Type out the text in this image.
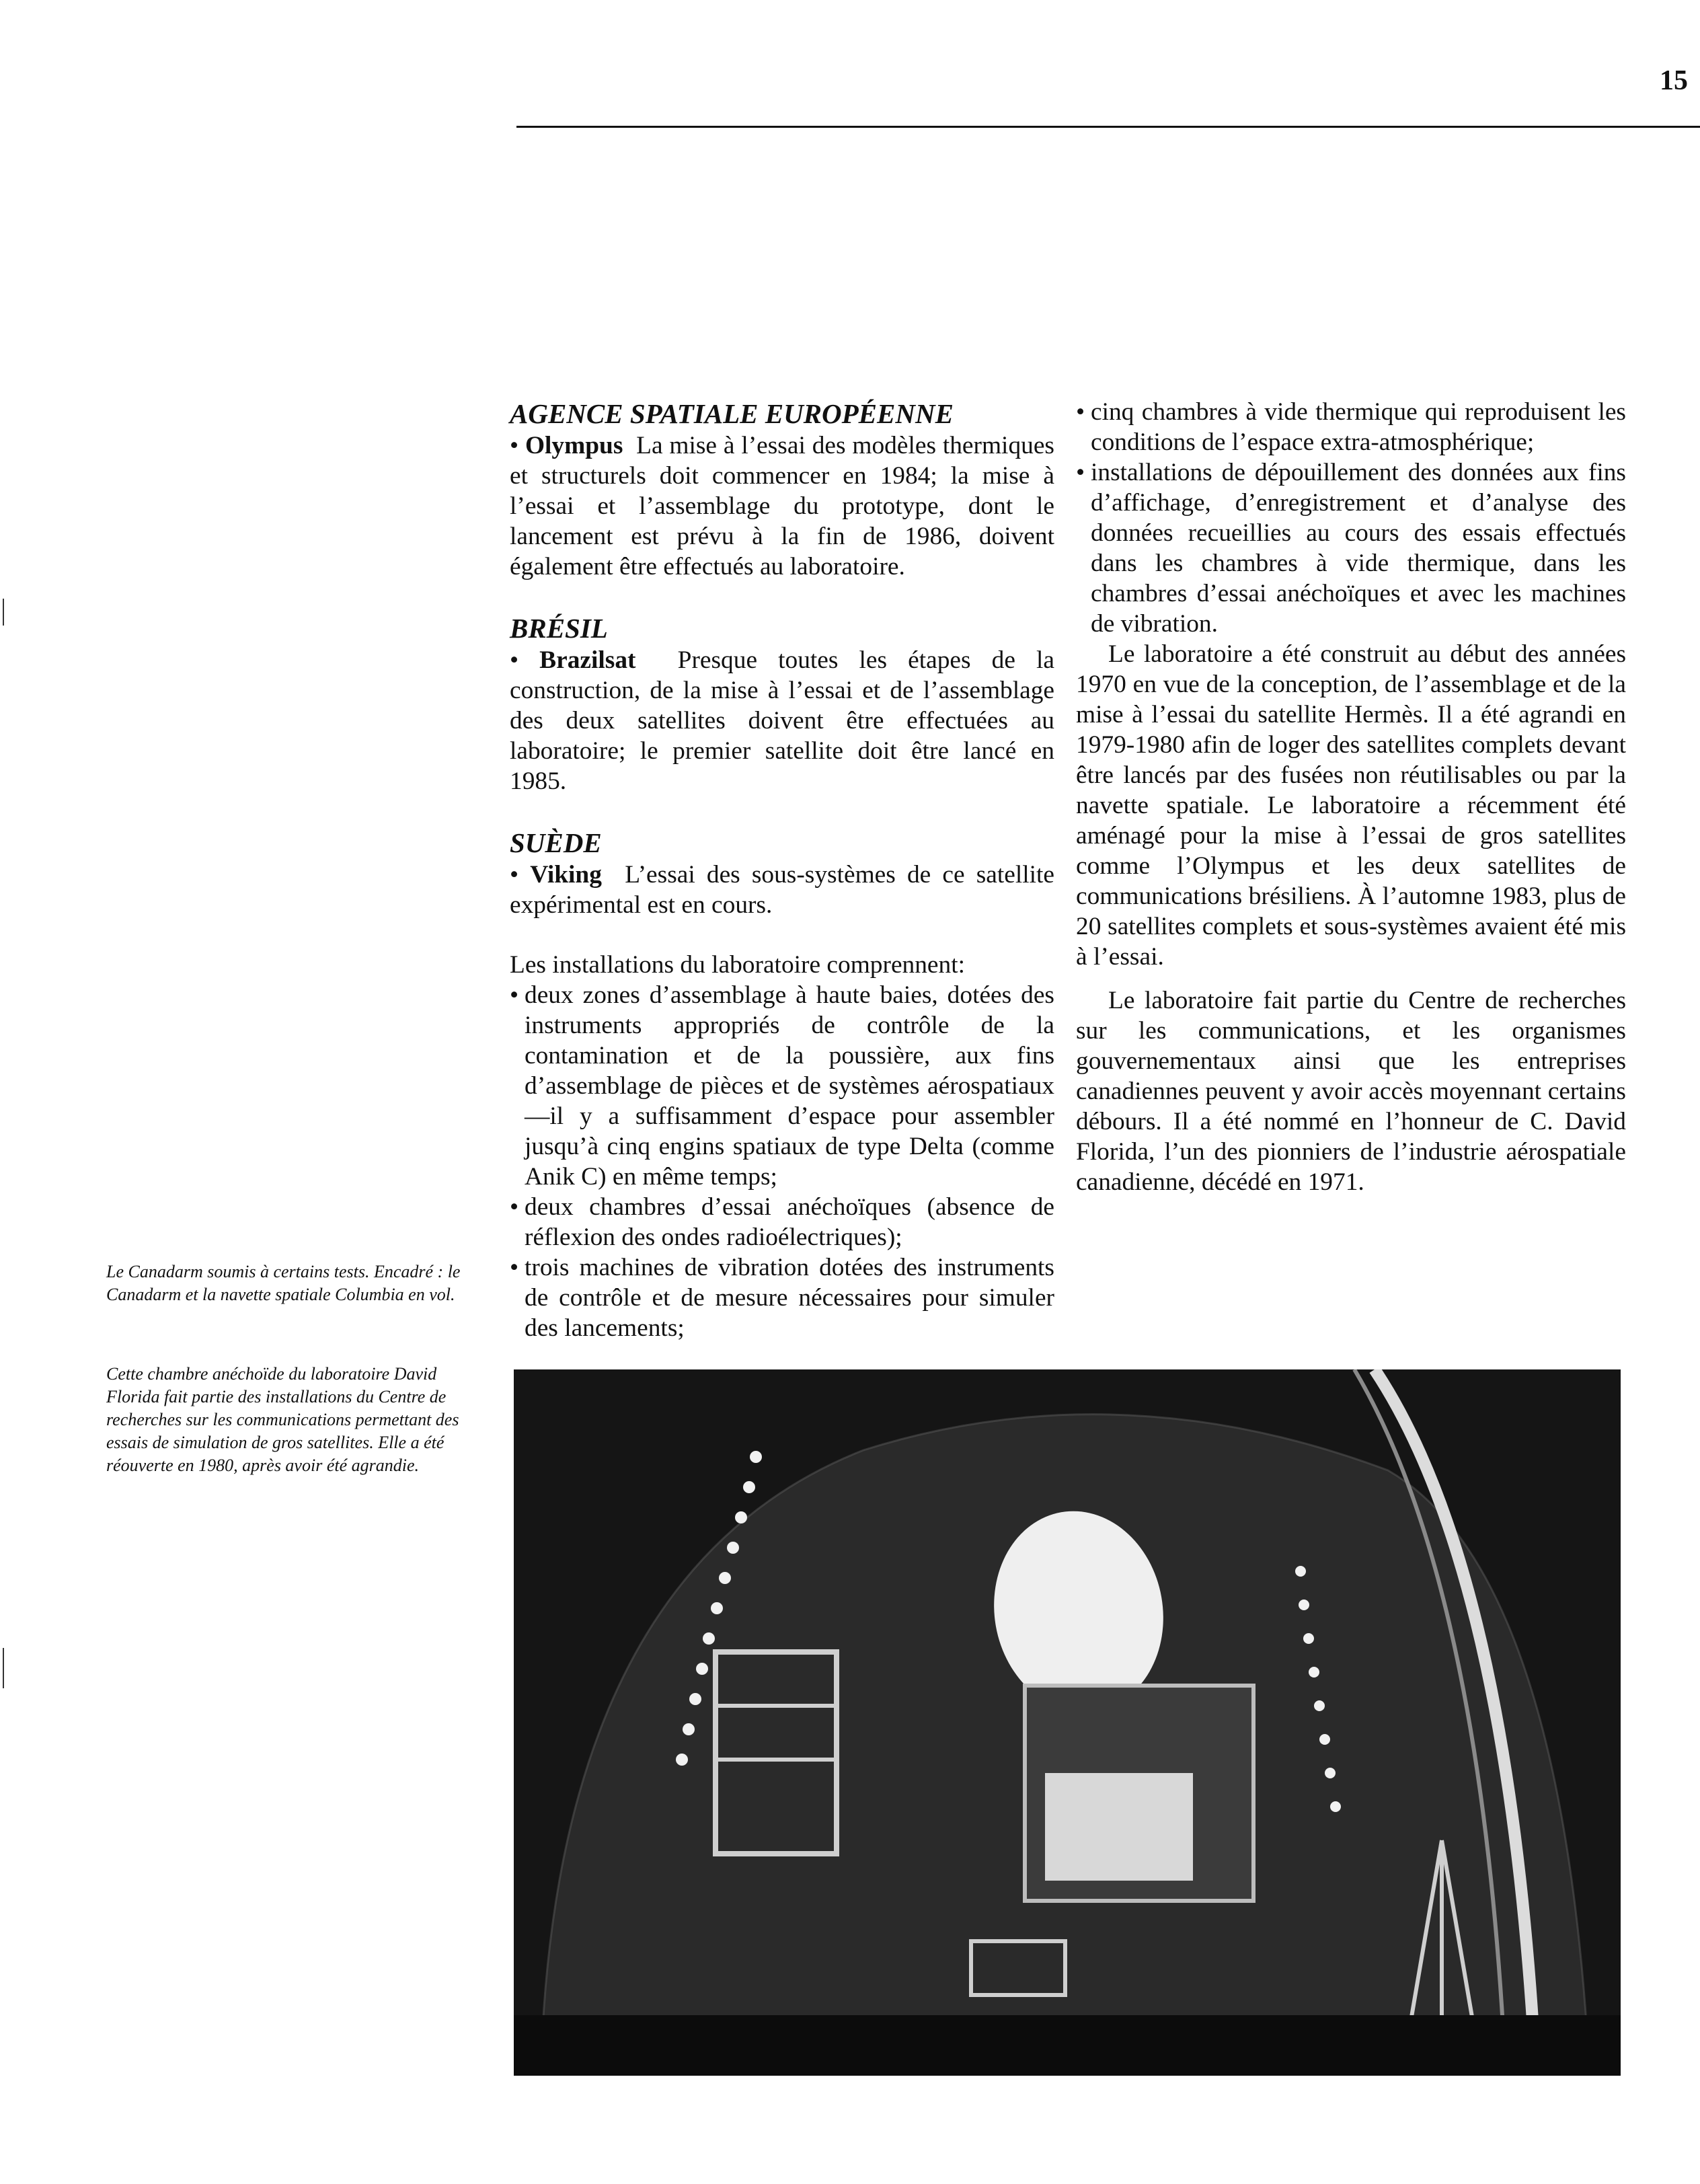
15
AGENCE SPATIALE EUROPÉENNE

• Olympus La mise à l’essai des modèles thermiques et structurels doit commencer en 1984; la mise à l’essai et l’assemblage du prototype, dont le lancement est prévu à la fin de 1986, doivent également être effectués au laboratoire.

BRÉSIL

• Brazilsat Presque toutes les étapes de la construction, de la mise à l’essai et de l’assemblage des deux satellites doivent être effectuées au laboratoire; le premier satellite doit être lancé en 1985.

SUÈDE

• Viking L’essai des sous-systèmes de ce satellite expérimental est en cours.

Les installations du laboratoire comprennent:

• deux zones d’assemblage à haute baies, dotées des instruments appropriés de contrôle de la contamination et de la poussière, aux fins d’assemblage de pièces et de systèmes aérospatiaux—il y a suffisamment d’espace pour assembler jusqu’à cinq engins spatiaux de type Delta (comme Anik C) en même temps;
• deux chambres d’essai anéchoïques (absence de réflexion des ondes radioélectriques);
• trois machines de vibration dotées des instruments de contrôle et de mesure nécessaires pour simuler des lancements;
• cinq chambres à vide thermique qui reproduisent les conditions de l’espace extra-atmosphérique;
• installations de dépouillement des données aux fins d’affichage, d’enregistrement et d’analyse des données recueillies au cours des essais effectués dans les chambres à vide thermique, dans les chambres d’essai anéchoïques et avec les machines de vibration.

Le laboratoire a été construit au début des années 1970 en vue de la conception, de l’assemblage et de la mise à l’essai du satellite Hermès. Il a été agrandi en 1979-1980 afin de loger des satellites complets devant être lancés par des fusées non réutilisables ou par la navette spatiale. Le laboratoire a récemment été aménagé pour la mise à l’essai de gros satellites comme l’Olympus et les deux satellites de communications brésiliens. À l’automne 1983, plus de 20 satellites complets et sous-systèmes avaient été mis à l’essai.

Le laboratoire fait partie du Centre de recherches sur les communications, et les organismes gouvernementaux ainsi que les entreprises canadiennes peuvent y avoir accès moyennant certains débours. Il a été nommé en l’honneur de C. David Florida, l’un des pionniers de l’industrie aérospatiale canadienne, décédé en 1971.

Le Canadarm soumis à certains tests. Encadré : le Canadarm et la navette spatiale Columbia en vol.
Cette chambre anéchoïde du laboratoire David Florida fait partie des installations du Centre de recherches sur les communications permettant des essais de simulation de gros satellites. Elle a été réouverte en 1980, après avoir été agrandie.
